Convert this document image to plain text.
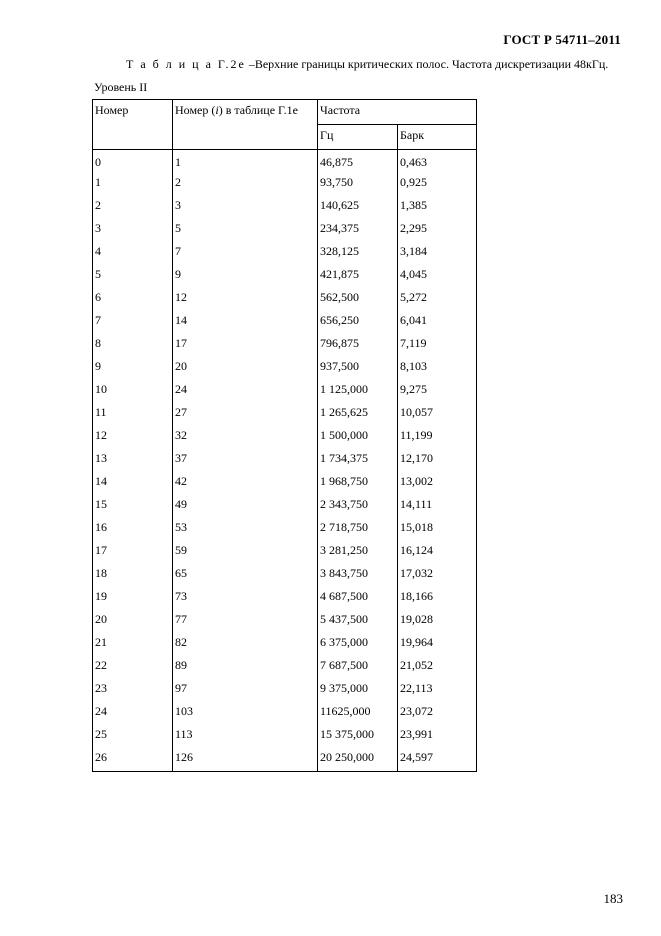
ГОСТ Р 54711–2011
Т а б л и ц а Г.2е –Верхние границы критических полос. Частота дискретизации 48кГц.
Уровень II
Номер	Номер (i) в таблице Г.1е	Частота	
		Гц	Барк
0	1	46,875	0,463
1	2	93,750	0,925
2	3	140,625	1,385
3	5	234,375	2,295
4	7	328,125	3,184
5	9	421,875	4,045
6	12	562,500	5,272
7	14	656,250	6,041
8	17	796,875	7,119
9	20	937,500	8,103
10	24	1 125,000	9,275
11	27	1 265,625	10,057
12	32	1 500,000	11,199
13	37	1 734,375	12,170
14	42	1 968,750	13,002
15	49	2 343,750	14,111
16	53	2 718,750	15,018
17	59	3 281,250	16,124
18	65	3 843,750	17,032
19	73	4 687,500	18,166
20	77	5 437,500	19,028
21	82	6 375,000	19,964
22	89	7 687,500	21,052
23	97	9 375,000	22,113
24	103	11625,000	23,072
25	113	15 375,000	23,991
26	126	20 250,000	24,597
183
